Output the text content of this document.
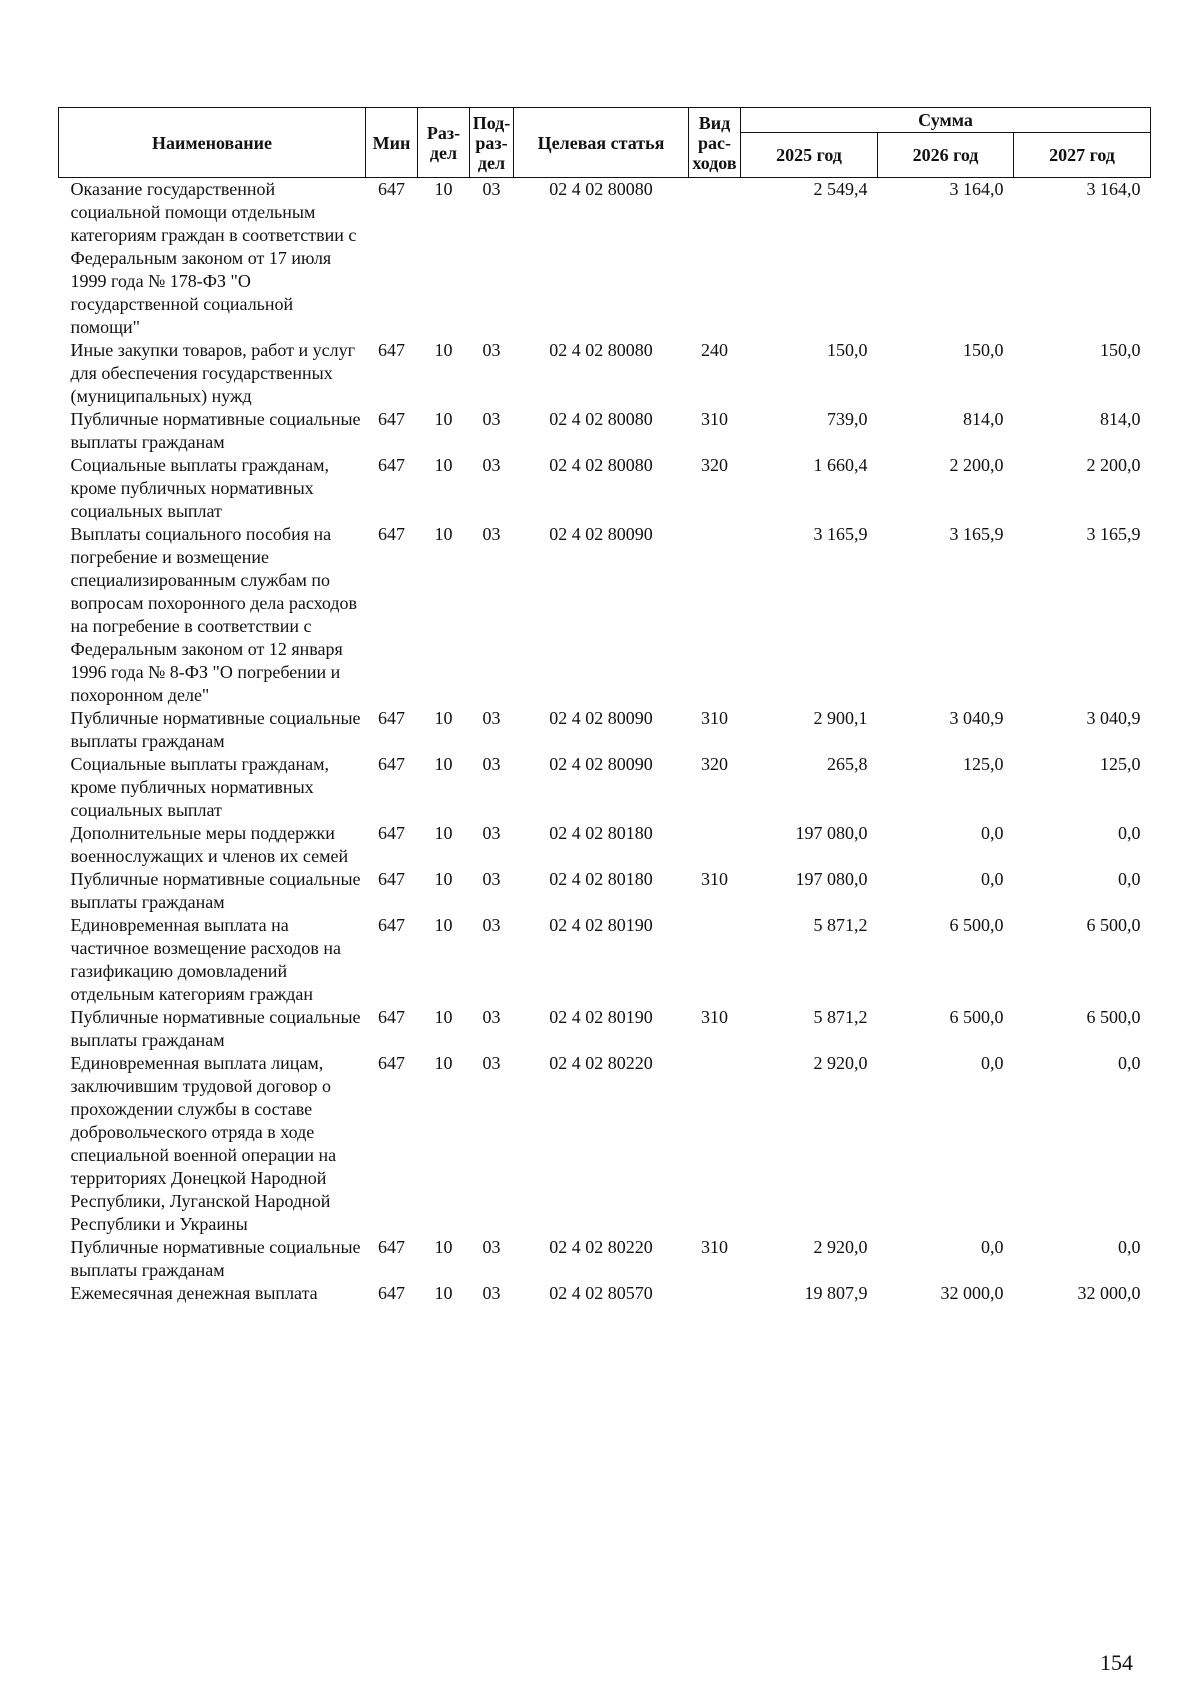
Наименование	Мин	Раз-дел	Под-раз-дел	Целевая статья	Вид рас-ходов	Сумма		
						2025 год	2026 год	2027 год
Оказание государственной социальной помощи отдельным категориям граждан в соответствии с Федеральным законом от 17 июля 1999 года № 178-ФЗ "О государственной социальной помощи"	647	10	03	02 4 02 80080		2 549,4	3 164,0	3 164,0
Иные закупки товаров, работ и услуг для обеспечения государственных (муниципальных) нужд	647	10	03	02 4 02 80080	240	150,0	150,0	150,0
Публичные нормативные социальные выплаты гражданам	647	10	03	02 4 02 80080	310	739,0	814,0	814,0
Социальные выплаты гражданам, кроме публичных нормативных социальных выплат	647	10	03	02 4 02 80080	320	1 660,4	2 200,0	2 200,0
Выплаты социального пособия на погребение и возмещение специализированным службам по вопросам похоронного дела расходов на погребение в соответствии с Федеральным законом от 12 января 1996 года № 8-ФЗ "О погребении и похоронном деле"	647	10	03	02 4 02 80090		3 165,9	3 165,9	3 165,9
Публичные нормативные социальные выплаты гражданам	647	10	03	02 4 02 80090	310	2 900,1	3 040,9	3 040,9
Социальные выплаты гражданам, кроме публичных нормативных социальных выплат	647	10	03	02 4 02 80090	320	265,8	125,0	125,0
Дополнительные меры поддержки военнослужащих и членов их семей	647	10	03	02 4 02 80180		197 080,0	0,0	0,0
Публичные нормативные социальные выплаты гражданам	647	10	03	02 4 02 80180	310	197 080,0	0,0	0,0
Единовременная выплата на частичное возмещение расходов на газификацию домовладений отдельным категориям граждан	647	10	03	02 4 02 80190		5 871,2	6 500,0	6 500,0
Публичные нормативные социальные выплаты гражданам	647	10	03	02 4 02 80190	310	5 871,2	6 500,0	6 500,0
Единовременная выплата лицам, заключившим трудовой договор о прохождении службы в составе добровольческого отряда в ходе специальной военной операции на территориях Донецкой Народной Республики, Луганской Народной Республики и Украины	647	10	03	02 4 02 80220		2 920,0	0,0	0,0
Публичные нормативные социальные выплаты гражданам	647	10	03	02 4 02 80220	310	2 920,0	0,0	0,0
Ежемесячная денежная выплата	647	10	03	02 4 02 80570		19 807,9	32 000,0	32 000,0
154
